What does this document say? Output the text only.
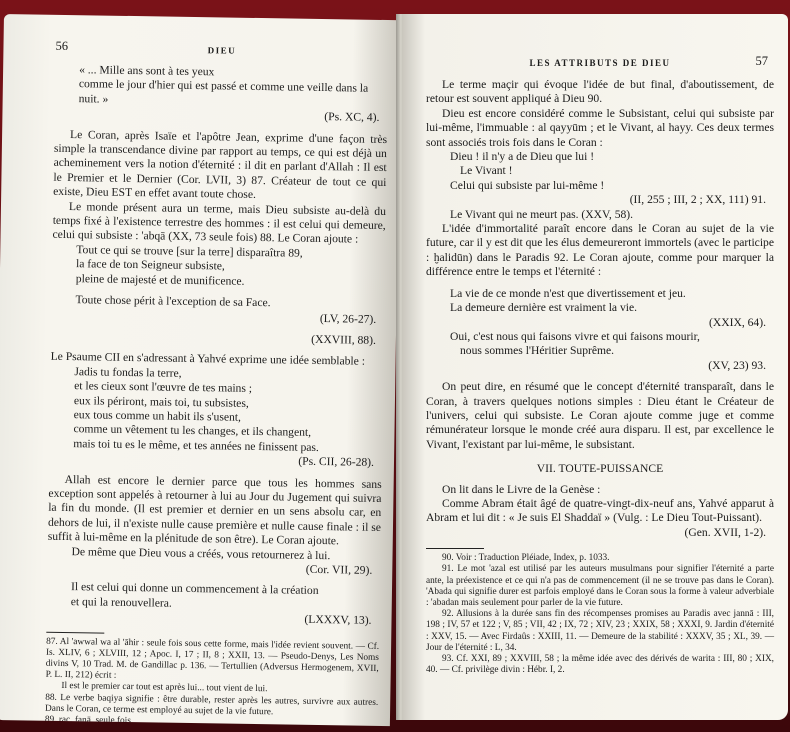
56	DIEU

« ... Mille ans sont à tes yeux

comme le jour d'hier qui est passé et comme une veille dans la nuit. »

(Ps. XC, 4).

Le Coran, après Isaïe et l'apôtre Jean, exprime d'une façon très simple la transcendance divine par rapport au temps, ce qui est déjà un acheminement vers la notion d'éternité : il dit en parlant d'Allah : Il est le Premier et le Dernier (Cor. LVII, 3) 87. Créateur de tout ce qui existe, Dieu EST en effet avant toute chose.

Le monde présent aura un terme, mais Dieu subsiste au-delà du temps fixé à l'existence terrestre des hommes : il est celui qui demeure, celui qui subsiste : 'abqā (XX, 73 seule fois) 88. Le Coran ajoute :

Tout ce qui se trouve [sur la terre] disparaîtra 89,

la face de ton Seigneur subsiste,

pleine de majesté et de munificence.

Toute chose périt à l'exception de sa Face.

(LV, 26-27).

(XXVIII, 88).

Le Psaume CII en s'adressant à Yahvé exprime une idée semblable :

Jadis tu fondas la terre,

et les cieux sont l'œuvre de tes mains ;

eux ils périront, mais toi, tu subsistes,

eux tous comme un habit ils s'usent,

comme un vêtement tu les changes, et ils changent,

mais toi tu es le même, et tes années ne finissent pas.

(Ps. CII, 26-28).

Allah est encore le dernier parce que tous les hommes sans exception sont appelés à retourner à lui au Jour du Jugement qui suivra la fin du monde. (Il est premier et dernier en un sens absolu car, en dehors de lui, il n'existe nulle cause première et nulle cause finale : il se suffit à lui-même en la plénitude de son être). Le Coran ajoute.

De même que Dieu vous a créés, vous retournerez à lui.

(Cor. VII, 29).

Il est celui qui donne un commencement à la création

et qui la renouvellera.

(LXXXV, 13).

87. Al 'awwal wa al 'āhir : seule fois sous cette forme, mais l'idée revient souvent. — Cf. Is. XLIV, 6 ; XLVIII, 12 ; Apoc. I, 17 ; II, 8 ; XXII, 13. — Pseudo-Denys, Les Noms divins V, 10 Trad. M. de Gandillac p. 136. — Tertullien (Adversus Hermogenem, XVII, P. L. II, 212) écrit :

Il est le premier car tout est après lui... tout vient de lui.

88. Le verbe baqiya signifie : être durable, rester après les autres, survivre aux autres. Dans le Coran, ce terme est employé au sujet de la vie future.

89. rac. fanā, seule fois.

LES ATTRIBUTS DE DIEU	57

Le terme maçir qui évoque l'idée de but final, d'aboutissement, de retour est souvent appliqué à Dieu 90.

Dieu est encore considéré comme le Subsistant, celui qui subsiste par lui-même, l'immuable : al qayyūm ; et le Vivant, al hayy. Ces deux termes sont associés trois fois dans le Coran :

Dieu ! il n'y a de Dieu que lui !

Le Vivant !

Celui qui subsiste par lui-même !

(II, 255 ; III, 2 ; XX, 111) 91.

Le Vivant qui ne meurt pas. (XXV, 58).

L'idée d'immortalité paraît encore dans le Coran au sujet de la vie future, car il y est dit que les élus demeureront immortels (avec le participe : ḫalidūn) dans le Paradis 92. Le Coran ajoute, comme pour marquer la différence entre le temps et l'éternité :

La vie de ce monde n'est que divertissement et jeu.

La demeure dernière est vraiment la vie.

(XXIX, 64).

Oui, c'est nous qui faisons vivre et qui faisons mourir,

nous sommes l'Héritier Suprême.

(XV, 23) 93.

On peut dire, en résumé que le concept d'éternité transparaît, dans le Coran, à travers quelques notions simples : Dieu étant le Créateur de l'univers, celui qui subsiste. Le Coran ajoute comme juge et comme rémunérateur lorsque le monde créé aura disparu. Il est, par excellence le Vivant, l'existant par lui-même, le subsistant.

VII. TOUTE-PUISSANCE

On lit dans le Livre de la Genèse :

Comme Abram était âgé de quatre-vingt-dix-neuf ans, Yahvé apparut à Abram et lui dit : « Je suis El Shaddaï » (Vulg. : Le Dieu Tout-Puissant).

(Gen. XVII, 1-2).

90. Voir : Traduction Pléiade, Index, p. 1033.

91. Le mot 'azal est utilisé par les auteurs musulmans pour signifier l'éternité a parte ante, la préexistence et ce qui n'a pas de commencement (il ne se trouve pas dans le Coran). 'Abada qui signifie durer est parfois employé dans le Coran sous la forme à valeur adverbiale : 'abadan mais seulement pour parler de la vie future.

92. Allusions à la durée sans fin des récompenses promises au Paradis avec jannā : III, 198 ; IV, 57 et 122 ; V, 85 ; VII, 42 ; IX, 72 ; XIV, 23 ; XXIX, 58 ; XXXI, 9. Jardin d'éternité : XXV, 15. — Avec Firdaûs : XXIII, 11. — Demeure de la stabilité : XXXV, 35 ; XL, 39. — Jour de l'éternité : L, 34.

93. Cf. XXI, 89 ; XXVIII, 58 ; la même idée avec des dérivés de warita : III, 80 ; XIX, 40. — Cf. privilège divin : Hébr. I, 2.
